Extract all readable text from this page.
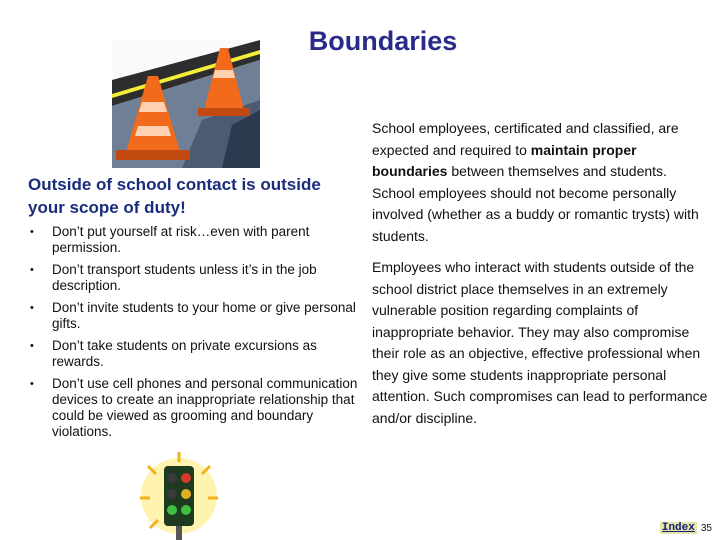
Boundaries
Outside of school contact is outside your scope of duty!
• Don’t put yourself at risk…even with parent permission.
• Don’t transport students unless it’s in the job description.
• Don’t invite students to your home or give personal gifts.
• Don’t take students on private excursions as rewards.
• Don’t use cell phones and personal communication devices to create an inappropriate relationship that could be viewed as grooming and boundary violations.

School employees, certificated and classified, are expected and required to maintain proper boundaries between themselves and students. School employees should not become personally involved (whether as a buddy or romantic trysts) with students.

Employees who interact with students outside of the school district place themselves in an extremely vulnerable position regarding complaints of inappropriate behavior. They may also compromise their role as an objective, effective professional when they give some students inappropriate personal attention. Such compromises can lead to performance and/or discipline.

Index 35
